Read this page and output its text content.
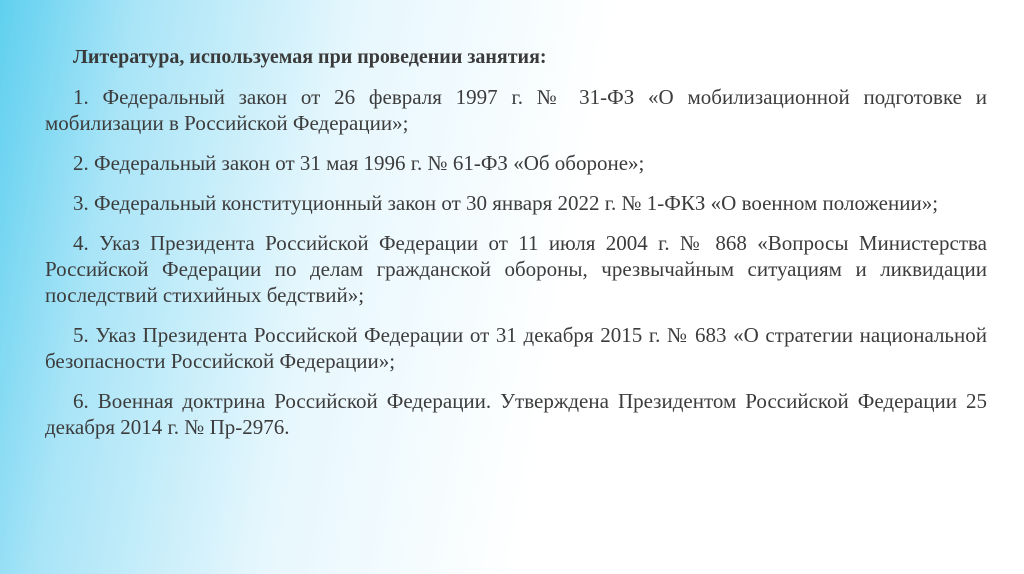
Литература, используемая при проведении занятия:

1. Федеральный закон от 26 февраля 1997 г. № 31-ФЗ «О мобилизационной подготовке и мобилизации в Российской Федерации»;

2. Федеральный закон от 31 мая 1996 г. № 61-ФЗ «Об обороне»;

3. Федеральный конституционный закон от 30 января 2022 г. № 1-ФКЗ «О военном положении»;

4. Указ Президента Российской Федерации от 11 июля 2004 г. № 868 «Вопросы Министерства Российской Федерации по делам гражданской обороны, чрезвычайным ситуациям и ликвидации последствий стихийных бедствий»;

5. Указ Президента Российской Федерации от 31 декабря 2015 г. № 683 «О стратегии национальной безопасности Российской Федерации»;

6. Военная доктрина Российской Федерации. Утверждена Президентом Российской Федерации 25 декабря 2014 г. № Пр-2976.
